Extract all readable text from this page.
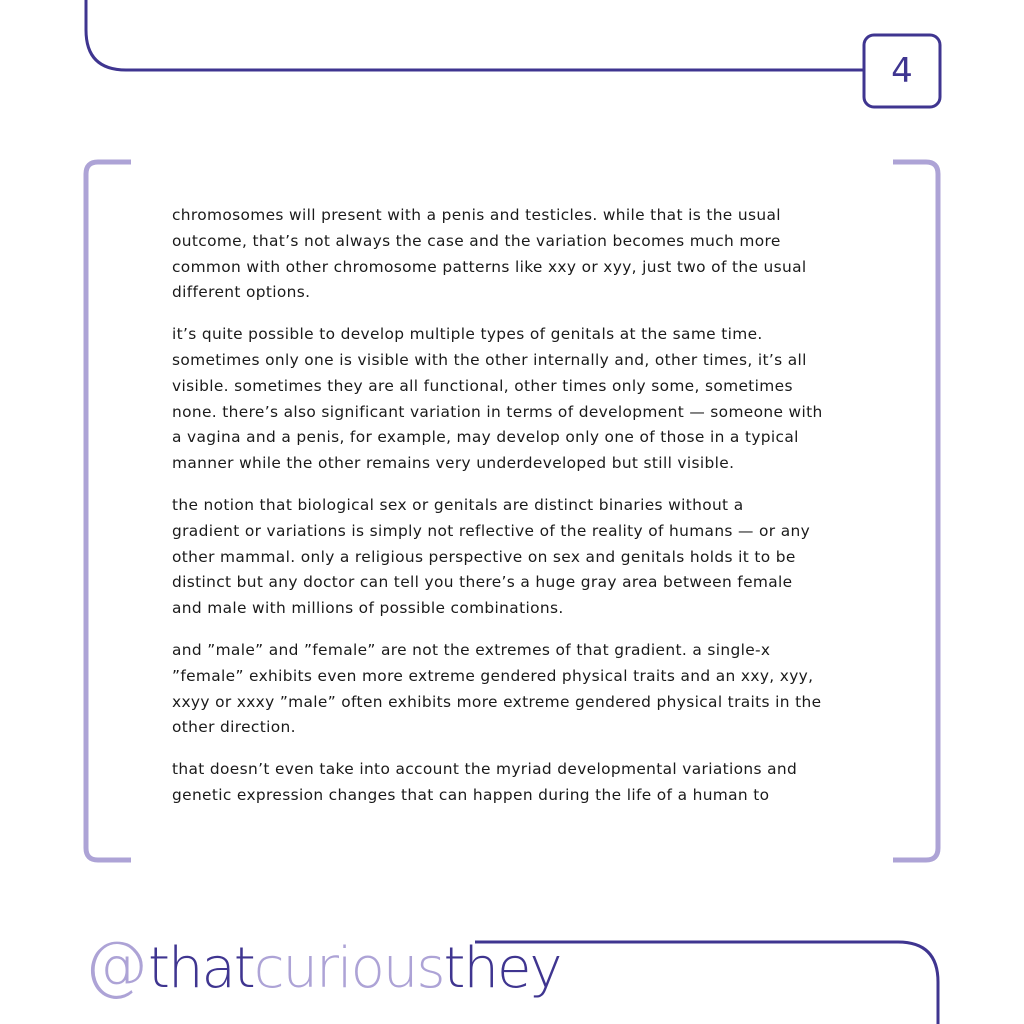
4

chromosomes will present with a penis and testicles. while that is the usual
outcome, that’s not always the case and the variation becomes much more
common with other chromosome patterns like xxy or xyy, just two of the usual
different options.

it’s quite possible to develop multiple types of genitals at the same time.
sometimes only one is visible with the other internally and, other times, it’s all
visible. sometimes they are all functional, other times only some, sometimes
none. there’s also significant variation in terms of development — someone with
a vagina and a penis, for example, may develop only one of those in a typical
manner while the other remains very underdeveloped but still visible.

the notion that biological sex or genitals are distinct binaries without a
gradient or variations is simply not reflective of the reality of humans — or any
other mammal. only a religious perspective on sex and genitals holds it to be
distinct but any doctor can tell you there’s a huge gray area between female
and male with millions of possible combinations.

and ”male” and ”female” are not the extremes of that gradient. a single-x
”female” exhibits even more extreme gendered physical traits and an xxy, xyy,
xxyy or xxxy ”male” often exhibits more extreme gendered physical traits in the
other direction.

that doesn’t even take into account the myriad developmental variations and
genetic expression changes that can happen during the life of a human to

@ that curious they
